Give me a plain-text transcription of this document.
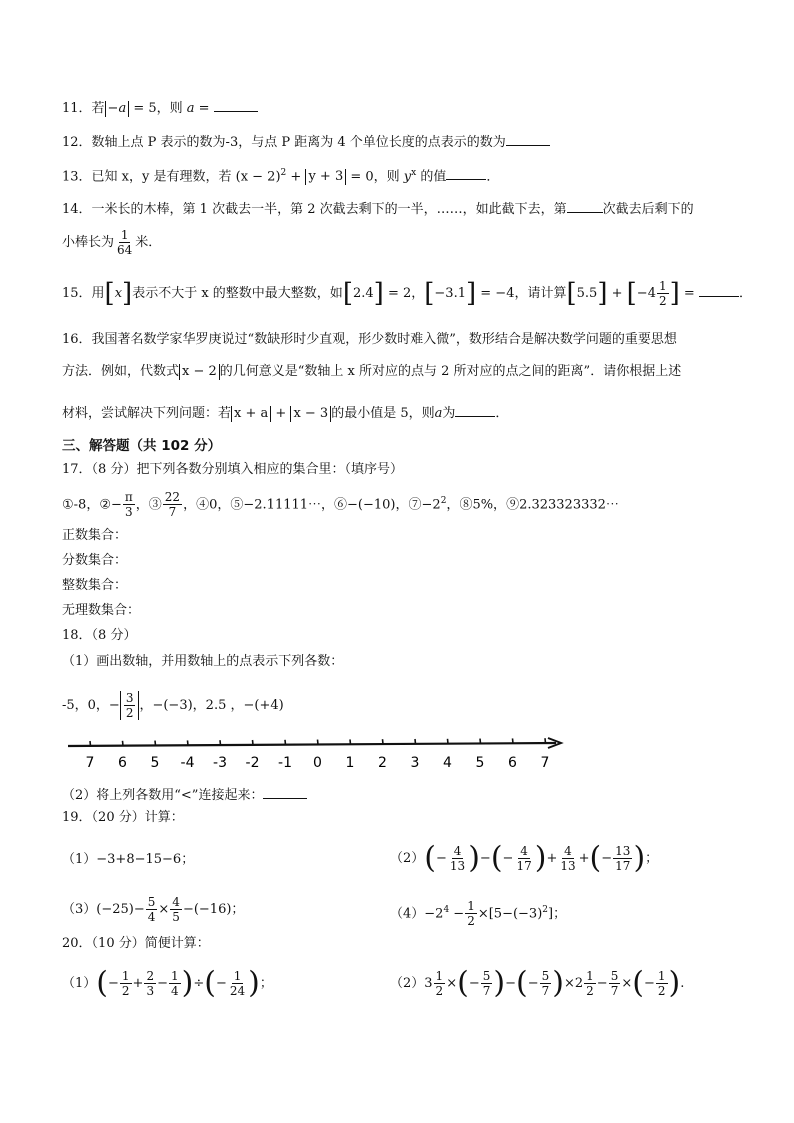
11．若 −a = 5，则 a =
12．数轴上点 P 表示的数为-3，与点 P 距离为 4 个单位长度的点表示的数为
13．已知 x，y 是有理数，若 $(x - 2)^2 + y + 3 = 0$，则 $y^x$ 的值	．
14．一米长的木棒，第 1 次截去一半，第 2 次截去剩下的一半，……，如此截下去，第	次截去后剩下的
小棒长为 $\frac{1}{64}$ 米．
15．用[x]表示不大于 x 的整数中最大整数，如[2.4] = 2，[−3.1] = −4，请计算$[5.5] + [-4 \frac{1}{2}$ ] =	．
16．我国著名数学家华罗庚说过“数缺形时少直观，形少数时难入微”，数形结合是解决数学问题的重要思想
方法．例如，代数式 x − 2 的几何意义是“数轴上 x 所对应的点与 2 所对应的点之间的距离”．请你根据上述
材料，尝试解决下列问题：若 x + a + x − 3 的最小值是 5，则a为	．
三、解答题（共 102 分）
17．（8 分）把下列各数分别填入相应的集合里：（填序号）
①-8，②− $\frac{\pi}{3}$ ，③ $\frac{22}{7}$ ，④0，⑤−2.11111⋯，⑥−(−10)，$⑦-2^2$，⑧5%，⑨2.323323332⋯
正数集合：
分数集合：
整数集合：
无理数集合：
18．（8 分）
（1）画出数轴，并用数轴上的点表示下列各数：
-5，0，− $\frac{3}{2}$ ，−(−3)，2.5 ，−(+4)
7 6 5 -4 -3 -2 -1 0 1 2 3 4 5 6 7
（2）将上列各数用“<”连接起来：
19．（20 分）计算：
（1）−3+8−15−6；	$(2)(- \frac{4}{13}$ )−(− $\frac{4}{17}$ )+ $\frac{4}{13}$ +(− $\frac{13}{17}$ )；
$(3)(-25)- \frac{5}{4} \times \frac{4}{5} -(-16)$；	$(4)-2^4 - \frac{1}{2} \times[5-(-3)^2]$；
20．（10 分）简便计算：
$(1)(- \frac{1}{2} + \frac{2}{3} - \frac{1}{4}$ )÷(− $\frac{1}{24}$ )；	$(2)3 \frac{1}{2}$ ×(− $\frac{5}{7}$ )−(− $\frac{5}{7} )\times 2 \frac{1}{2} - \frac{5}{7}$ ×(− $\frac{1}{2}$ ).
